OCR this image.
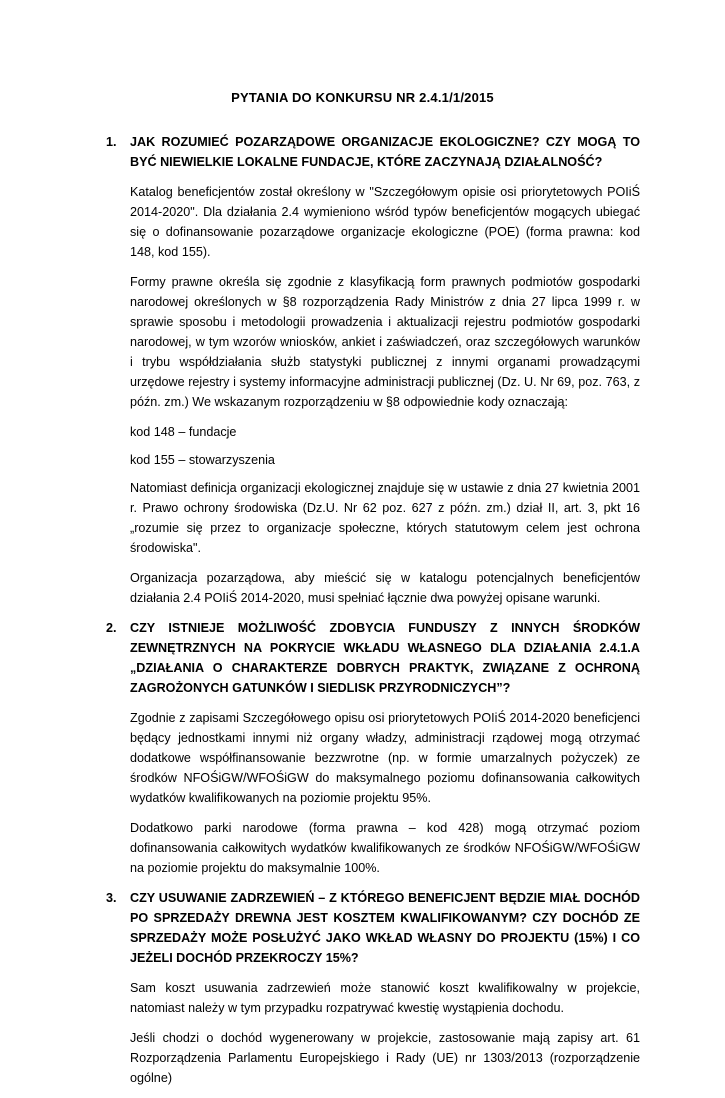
PYTANIA DO KONKURSU NR 2.4.1/1/2015
1. JAK ROZUMIEĆ POZARZĄDOWE ORGANIZACJE EKOLOGICZNE? CZY MOGĄ TO BYĆ NIEWIELKIE LOKALNE FUNDACJE, KTÓRE ZACZYNAJĄ DZIAŁALNOŚĆ?

Katalog beneficjentów został określony w "Szczegółowym opisie osi priorytetowych POIiŚ 2014-2020". Dla działania 2.4 wymieniono wśród typów beneficjentów mogących ubiegać się o dofinansowanie pozarządowe organizacje ekologiczne (POE) (forma prawna: kod 148, kod 155).

Formy prawne określa się zgodnie z klasyfikacją form prawnych podmiotów gospodarki narodowej określonych w §8 rozporządzenia Rady Ministrów z dnia 27 lipca 1999 r. w sprawie sposobu i metodologii prowadzenia i aktualizacji rejestru podmiotów gospodarki narodowej, w tym wzorów wniosków, ankiet i zaświadczeń, oraz szczegółowych warunków i trybu współdziałania służb statystyki publicznej z innymi organami prowadzącymi urzędowe rejestry i systemy informacyjne administracji publicznej (Dz. U. Nr 69, poz. 763, z późn. zm.) We wskazanym rozporządzeniu w §8 odpowiednie kody oznaczają:

kod 148 – fundacje

kod 155 – stowarzyszenia

Natomiast definicja organizacji ekologicznej znajduje się w ustawie z dnia 27 kwietnia 2001 r. Prawo ochrony środowiska (Dz.U. Nr 62 poz. 627 z późn. zm.) dział II, art. 3, pkt 16 „rozumie się przez to organizacje społeczne, których statutowym celem jest ochrona środowiska".

Organizacja pozarządowa, aby mieścić się w katalogu potencjalnych beneficjentów działania 2.4 POIiŚ 2014-2020, musi spełniać łącznie dwa powyżej opisane warunki.

2. CZY ISTNIEJE MOŻLIWOŚĆ ZDOBYCIA FUNDUSZY Z INNYCH ŚRODKÓW ZEWNĘTRZNYCH NA POKRYCIE WKŁADU WŁASNEGO DLA DZIAŁANIA 2.4.1.A „DZIAŁANIA O CHARAKTERZE DOBRYCH PRAKTYK, ZWIĄZANE Z OCHRONĄ ZAGROŻONYCH GATUNKÓW I SIEDLISK PRZYRODNICZYCH”?

Zgodnie z zapisami Szczegółowego opisu osi priorytetowych POIiŚ 2014-2020 beneficjenci będący jednostkami innymi niż organy władzy, administracji rządowej mogą otrzymać dodatkowe współfinansowanie bezzwrotne (np. w formie umarzalnych pożyczek) ze środków NFOŚiGW/WFOŚiGW do maksymalnego poziomu dofinansowania całkowitych wydatków kwalifikowanych na poziomie projektu 95%.

Dodatkowo parki narodowe (forma prawna – kod 428) mogą otrzymać poziom dofinansowania całkowitych wydatków kwalifikowanych ze środków NFOŚiGW/WFOŚiGW na poziomie projektu do maksymalnie 100%.

3. CZY USUWANIE ZADRZEWIEŃ – Z KTÓREGO BENEFICJENT BĘDZIE MIAŁ DOCHÓD PO SPRZEDAŻY DREWNA JEST KOSZTEM KWALIFIKOWANYM? CZY DOCHÓD ZE SPRZEDAŻY MOŻE POSŁUŻYĆ JAKO WKŁAD WŁASNY DO PROJEKTU (15%) I CO JEŻELI DOCHÓD PRZEKROCZY 15%?

Sam koszt usuwania zadrzewień może stanowić koszt kwalifikowalny w projekcie, natomiast należy w tym przypadku rozpatrywać kwestię wystąpienia dochodu.

Jeśli chodzi o dochód wygenerowany w projekcie, zastosowanie mają zapisy art. 61 Rozporządzenia Parlamentu Europejskiego i Rady (UE) nr 1303/2013 (rozporządzenie ogólne)
